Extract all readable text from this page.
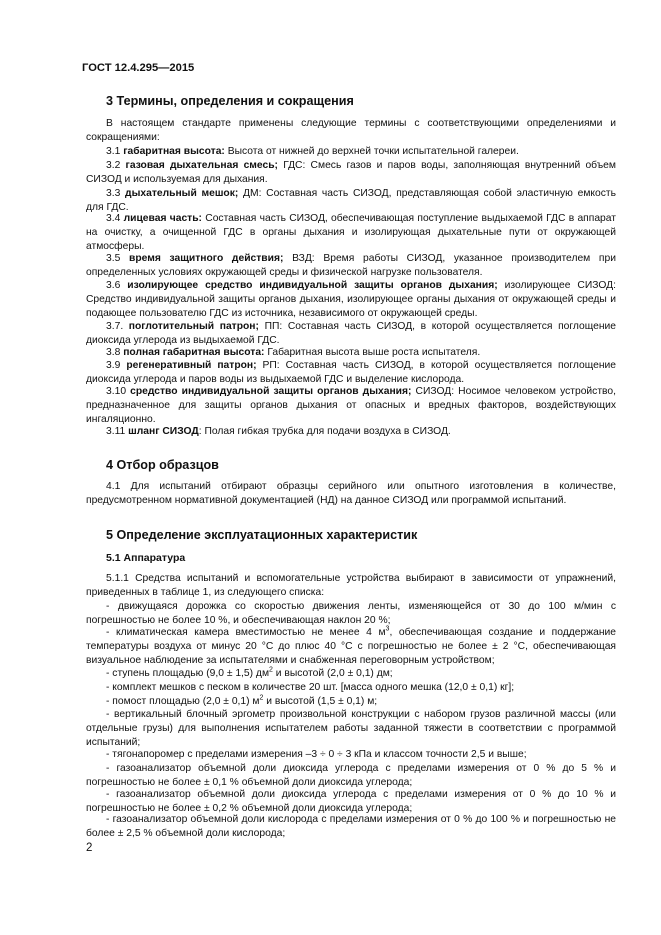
ГОСТ 12.4.295—2015
3 Термины, определения и сокращения

В настоящем стандарте применены следующие термины с соответствующими определениями и сокращениями:

3.1 габаритная высота: Высота от нижней до верхней точки испытательной галереи.

3.2 газовая дыхательная смесь; ГДС: Смесь газов и паров воды, заполняющая внутренний объем СИЗОД и используемая для дыхания.

3.3 дыхательный мешок; ДМ: Составная часть СИЗОД, представляющая собой эластичную емкость для ГДС.

3.4 лицевая часть: Составная часть СИЗОД, обеспечивающая поступление выдыхаемой ГДС в аппарат на очистку, а очищенной ГДС в органы дыхания и изолирующая дыхательные пути от окружающей атмосферы.

3.5 время защитного действия; ВЗД: Время работы СИЗОД, указанное производителем при определенных условиях окружающей среды и физической нагрузке пользователя.

3.6 изолирующее средство индивидуальной защиты органов дыхания; изолирующее СИЗОД: Средство индивидуальной защиты органов дыхания, изолирующее органы дыхания от окружающей среды и подающее пользователю ГДС из источника, независимого от окружающей среды.

3.7. поглотительный патрон; ПП: Составная часть СИЗОД, в которой осуществляется поглощение диоксида углерода из выдыхаемой ГДС.

3.8 полная габаритная высота: Габаритная высота выше роста испытателя.

3.9 регенеративный патрон; РП: Составная часть СИЗОД, в которой осуществляется поглощение диоксида углерода и паров воды из выдыхаемой ГДС и выделение кислорода.

3.10 средство индивидуальной защиты органов дыхания; СИЗОД: Носимое человеком устройство, предназначенное для защиты органов дыхания от опасных и вредных факторов, воздействующих ингаляционно.

3.11 шланг СИЗОД: Полая гибкая трубка для подачи воздуха в СИЗОД.

4 Отбор образцов

4.1 Для испытаний отбирают образцы серийного или опытного изготовления в количестве, предусмотренном нормативной документацией (НД) на данное СИЗОД или программой испытаний.

5 Определение эксплуатационных характеристик
5.1 Аппаратура

5.1.1 Средства испытаний и вспомогательные устройства выбирают в зависимости от упражнений, приведенных в таблице 1, из следующего списка:

- движущаяся дорожка со скоростью движения ленты, изменяющейся от 30 до 100 м/мин с погрешностью не более 10 %, и обеспечивающая наклон 20 %;

- климатическая камера вместимостью не менее 4 $м^3$, обеспечивающая создание и поддержание температуры воздуха от минус 20 °С до плюс 40 °С с погрешностью не более ± 2 °С, обеспечивающая визуальное наблюдение за испытателями и снабженная переговорным устройством;

- ступень площадью (9,0 ± 1,5) $дм^2$ и высотой (2,0 ± 0,1) дм;

- комплект мешков с песком в количестве 20 шт. [масса одного мешка (12,0 ± 0,1) кг];

- помост площадью (2,0 ± 0,1) $м^2$ и высотой (1,5 ± 0,1) м;

- вертикальный блочный эргометр произвольной конструкции с набором грузов различной массы (или отдельные грузы) для выполнения испытателем работы заданной тяжести в соответствии с программой испытаний;

- тягонапоромер с пределами измерения –3 ÷ 0 ÷ 3 кПа и классом точности 2,5 и выше;

- газоанализатор объемной доли диоксида углерода с пределами измерения от 0 % до 5 % и погрешностью не более ± 0,1 % объемной доли диоксида углерода;

- газоанализатор объемной доли диоксида углерода с пределами измерения от 0 % до 10 % и погрешностью не более ± 0,2 % объемной доли диоксида углерода;

- газоанализатор объемной доли кислорода с пределами измерения от 0 % до 100 % и погрешностью не более ± 2,5 % объемной доли кислорода;

2
